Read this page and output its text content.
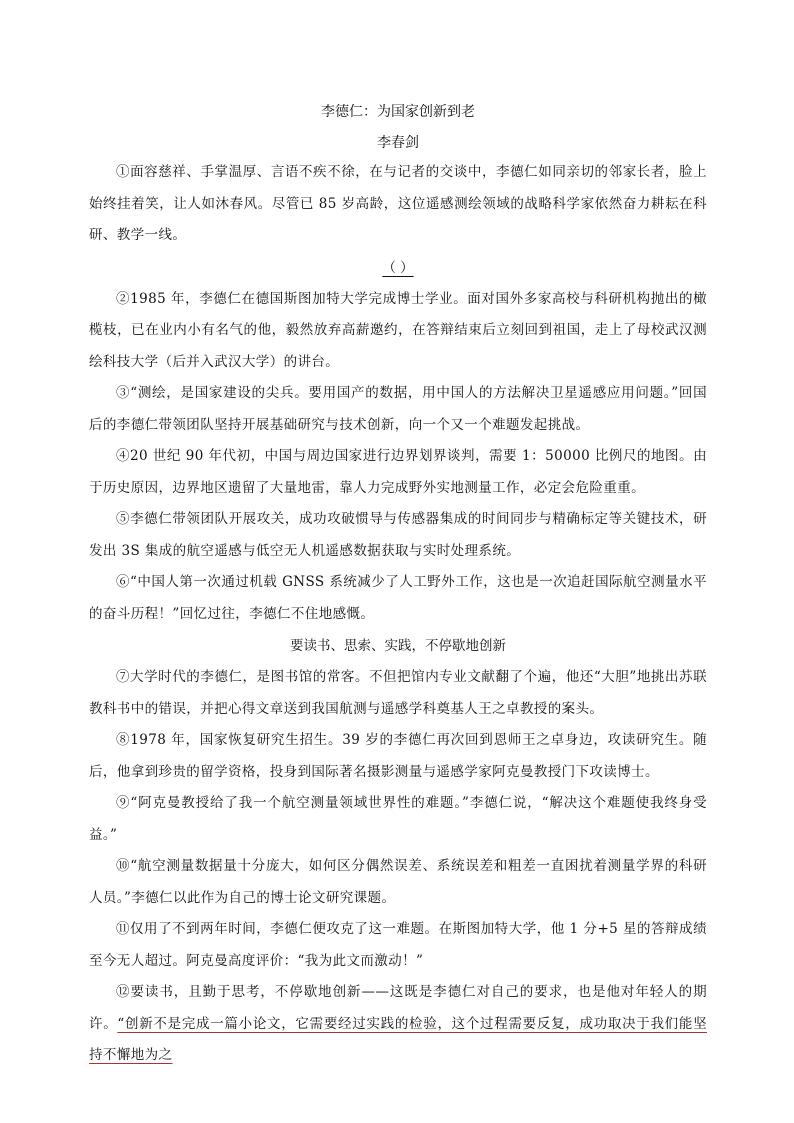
李德仁：为国家创新到老
李春剑

①面容慈祥、手掌温厚、言语不疾不徐，在与记者的交谈中，李德仁如同亲切的邻家长者，脸上始终挂着笑，让人如沐春风。尽管已 85 岁高龄，这位遥感测绘领域的战略科学家依然奋力耕耘在科研、教学一线。

（ ）

②1985 年，李德仁在德国斯图加特大学完成博士学业。面对国外多家高校与科研机构抛出的橄榄枝，已在业内小有名气的他，毅然放弃高薪邀约，在答辩结束后立刻回到祖国，走上了母校武汉测绘科技大学（后并入武汉大学）的讲台。

③“测绘，是国家建设的尖兵。要用国产的数据，用中国人的方法解决卫星遥感应用问题。”回国后的李德仁带领团队坚持开展基础研究与技术创新，向一个又一个难题发起挑战。

④20 世纪 90 年代初，中国与周边国家进行边界划界谈判，需要 1：50000 比例尺的地图。由于历史原因，边界地区遗留了大量地雷，靠人力完成野外实地测量工作，必定会危险重重。

⑤李德仁带领团队开展攻关，成功攻破惯导与传感器集成的时间同步与精确标定等关键技术，研发出 3S 集成的航空遥感与低空无人机遥感数据获取与实时处理系统。

⑥“中国人第一次通过机载 GNSS 系统减少了人工野外工作，这也是一次追赶国际航空测量水平的奋斗历程！”回忆过往，李德仁不住地感慨。

要读书、思索、实践，不停歇地创新

⑦大学时代的李德仁，是图书馆的常客。不但把馆内专业文献翻了个遍，他还“大胆”地挑出苏联教科书中的错误，并把心得文章送到我国航测与遥感学科奠基人王之卓教授的案头。

⑧1978 年，国家恢复研究生招生。39 岁的李德仁再次回到恩师王之卓身边，攻读研究生。随后，他拿到珍贵的留学资格，投身到国际著名摄影测量与遥感学家阿克曼教授门下攻读博士。

⑨“阿克曼教授给了我一个航空测量领域世界性的难题。”李德仁说，“解决这个难题使我终身受益。”

⑩“航空测量数据量十分庞大，如何区分偶然误差、系统误差和粗差一直困扰着测量学界的科研人员。”李德仁以此作为自己的博士论文研究课题。

⑪仅用了不到两年时间，李德仁便攻克了这一难题。在斯图加特大学，他 1 分+5 星的答辩成绩至今无人超过。阿克曼高度评价：“我为此文而激动！”

⑫要读书，且勤于思考，不停歇地创新——这既是李德仁对自己的要求，也是他对年轻人的期许。“创新不是完成一篇小论文，它需要经过实践的检验，这个过程需要反复，成功取决于我们能坚持不懈地为之
